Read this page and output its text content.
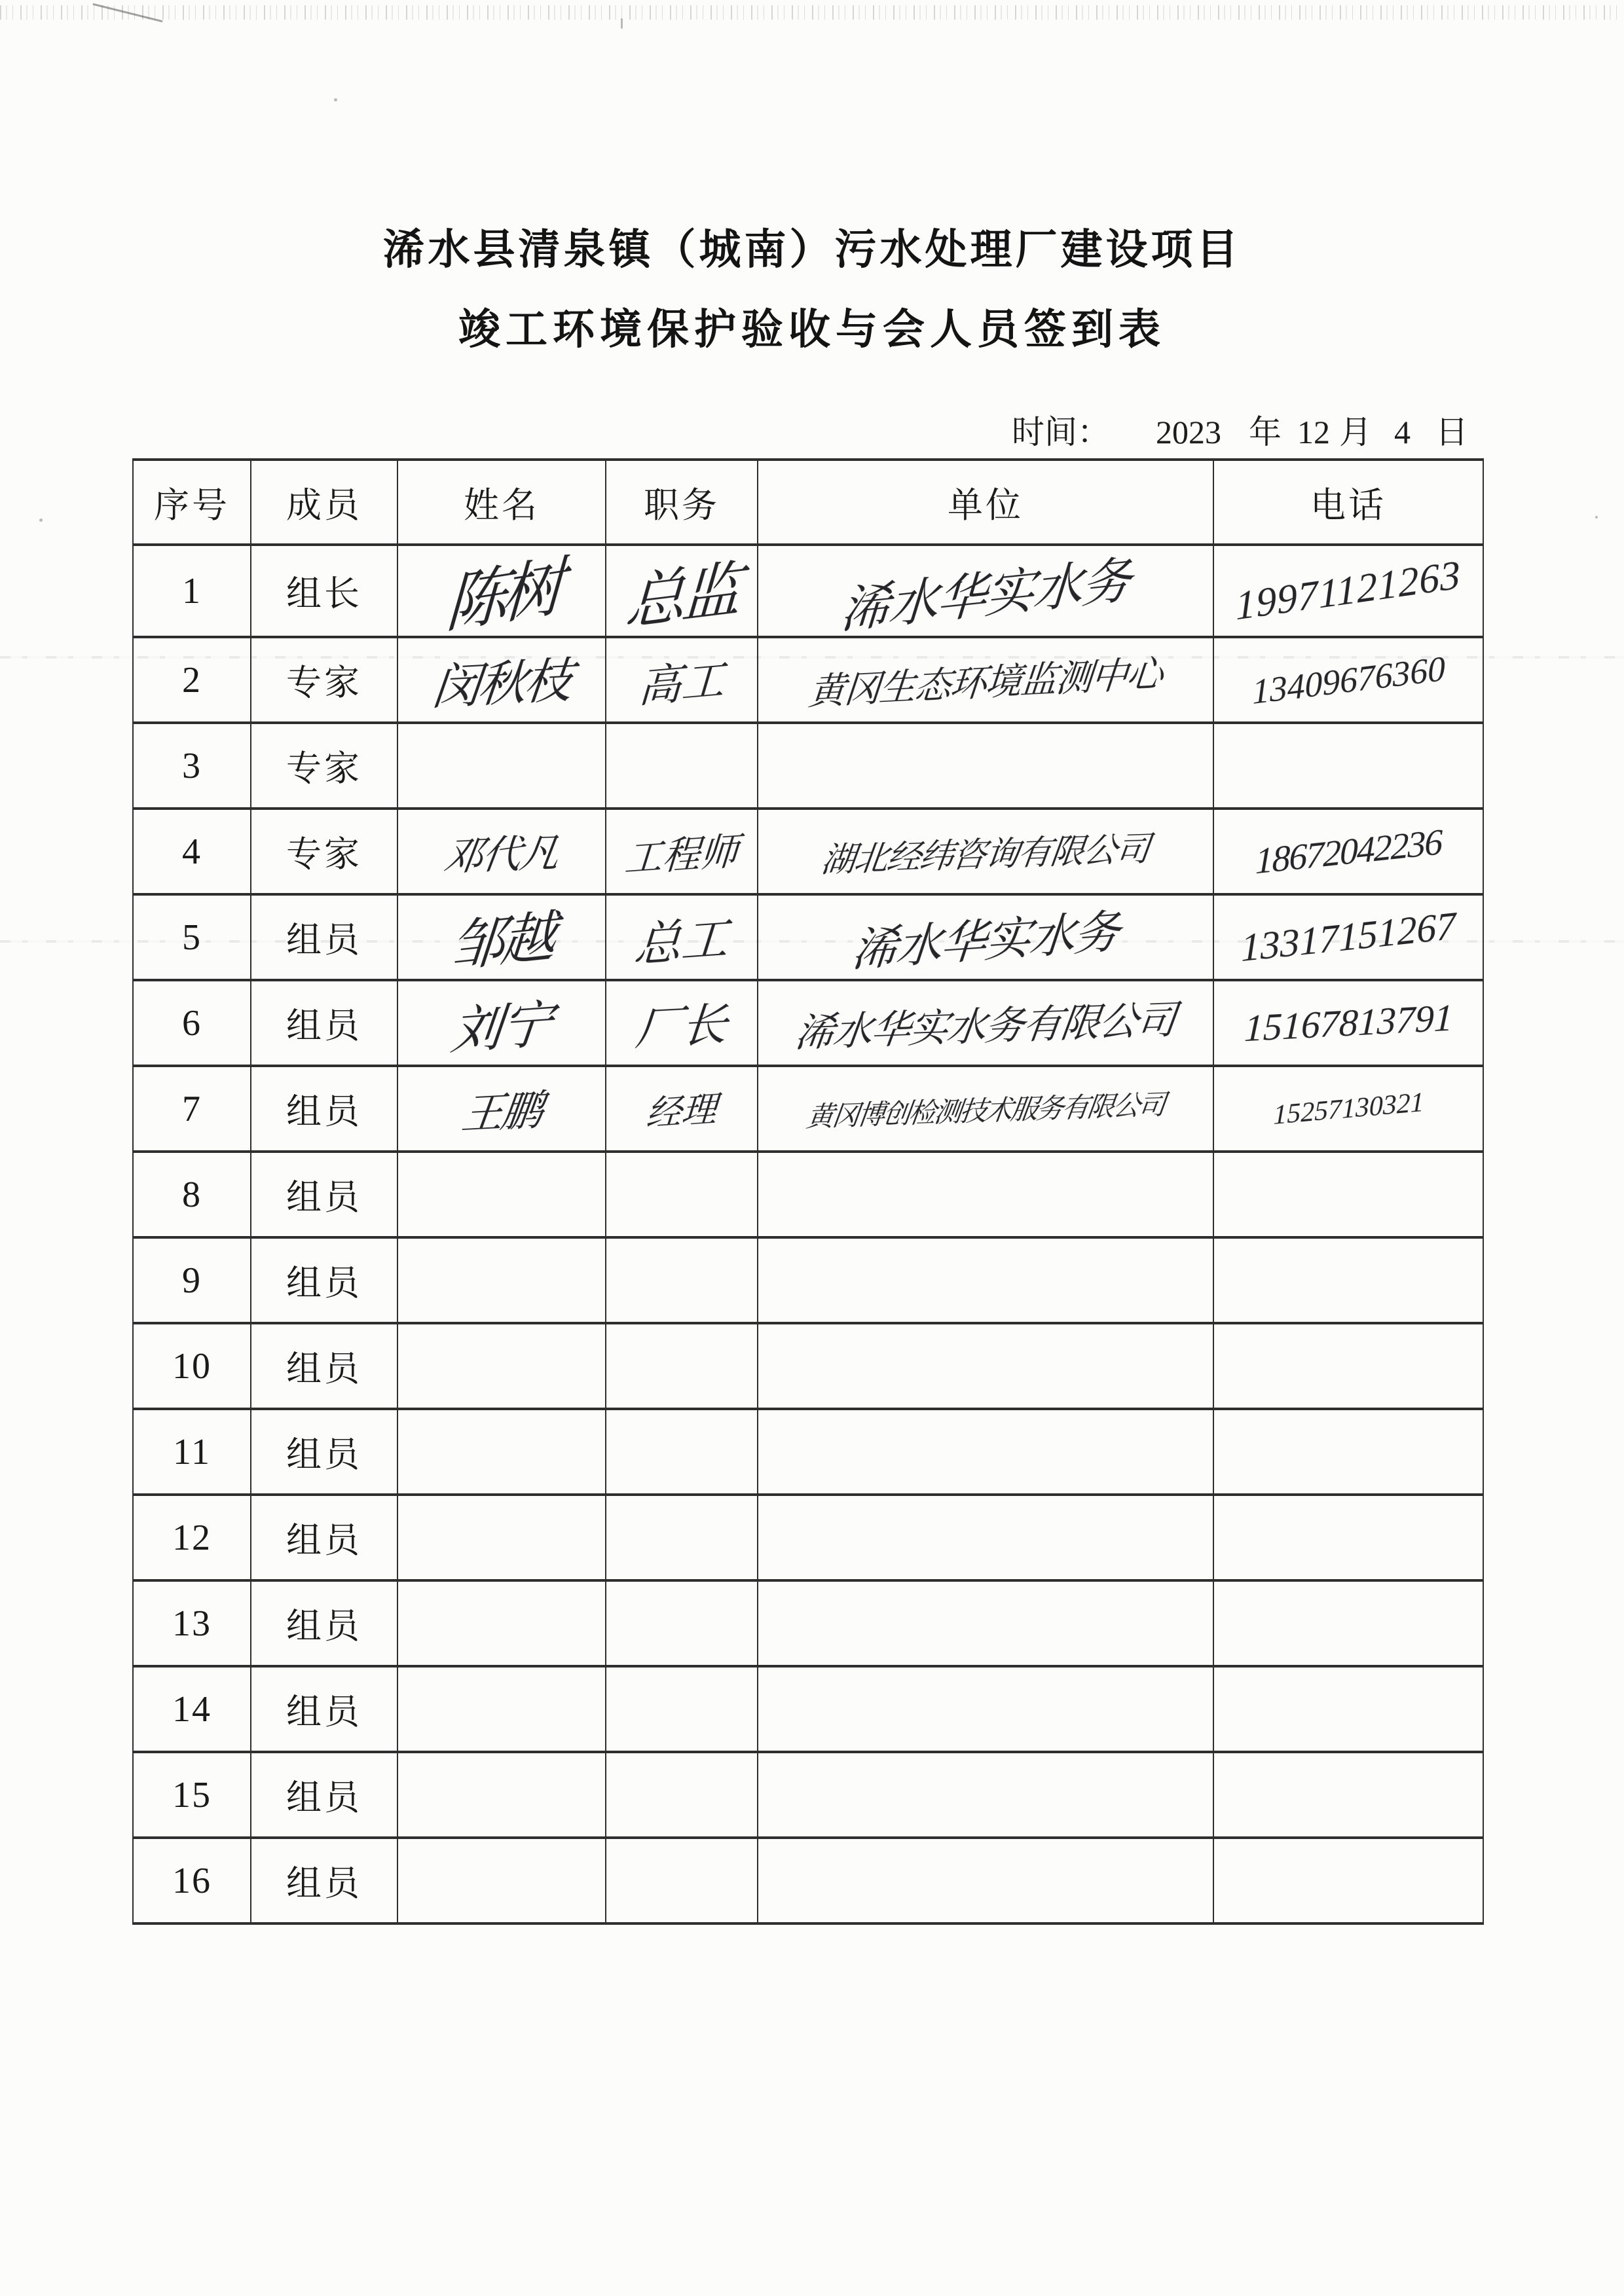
浠水县清泉镇（城南）污水处理厂建设项目
竣工环境保护验收与会人员签到表
时间： 2023 年 12 月 4 日
序号	成员	姓名	职务	单位	电话
1	组长	陈树	总监	浠水华实水务	19971121263
2	专家	闵秋枝	高工	黄冈生态环境监测中心	13409676360
3	专家				
4	专家	邓代凡	工程师	湖北经纬咨询有限公司	18672042236
5	组员	邹越	总工	浠水华实水务	13317151267
6	组员	刘宁	厂长	浠水华实水务有限公司	15167813791
7	组员	王鹏	经理	黄冈博创检测技术服务有限公司	15257130321
8	组员				
9	组员				
10	组员				
11	组员				
12	组员				
13	组员				
14	组员				
15	组员				
16	组员				
